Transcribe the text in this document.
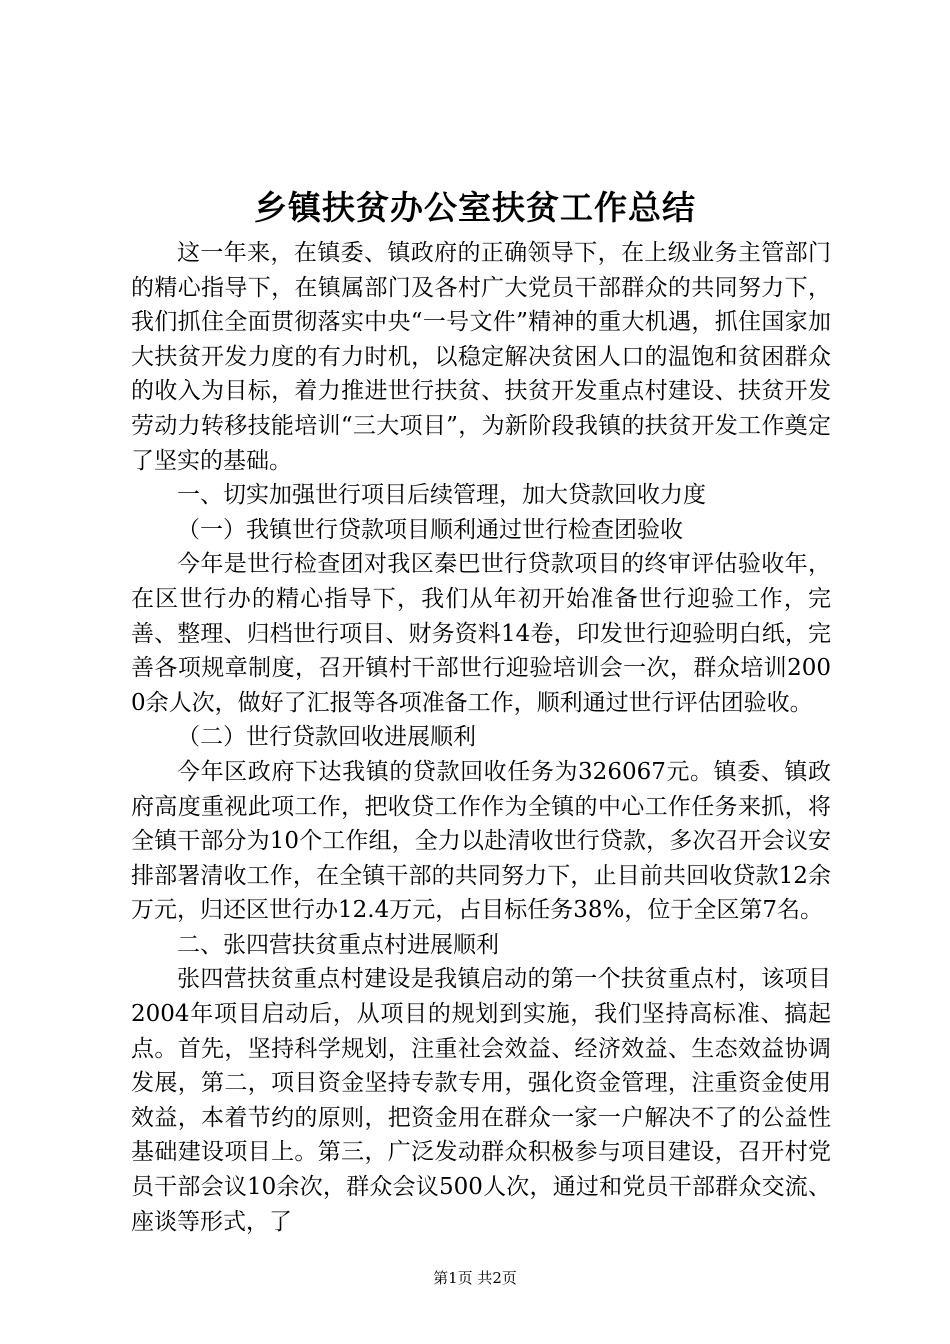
乡镇扶贫办公室扶贫工作总结

这一年来，在镇委、镇政府的正确领导下，在上级业务主管部门的精心指导下，在镇属部门及各村广大党员干部群众的共同努力下，我们抓住全面贯彻落实中央“一号文件”精神的重大机遇，抓住国家加大扶贫开发力度的有力时机，以稳定解决贫困人口的温饱和贫困群众的收入为目标，着力推进世行扶贫、扶贫开发重点村建设、扶贫开发劳动力转移技能培训“三大项目”，为新阶段我镇的扶贫开发工作奠定了坚实的基础。

一、切实加强世行项目后续管理，加大贷款回收力度

（一）我镇世行贷款项目顺利通过世行检查团验收

今年是世行检查团对我区秦巴世行贷款项目的终审评估验收年，在区世行办的精心指导下，我们从年初开始准备世行迎验工作，完善、整理、归档世行项目、财务资料14卷，印发世行迎验明白纸，完善各项规章制度，召开镇村干部世行迎验培训会一次，群众培训2000余人次，做好了汇报等各项准备工作，顺利通过世行评估团验收。

（二）世行贷款回收进展顺利

今年区政府下达我镇的贷款回收任务为326067元。镇委、镇政府高度重视此项工作，把收贷工作作为全镇的中心工作任务来抓，将全镇干部分为10个工作组，全力以赴清收世行贷款，多次召开会议安排部署清收工作，在全镇干部的共同努力下，止目前共回收贷款12余万元，归还区世行办12.4万元，占目标任务38%，位于全区第7名。

二、张四营扶贫重点村进展顺利

张四营扶贫重点村建设是我镇启动的第一个扶贫重点村，该项目2004年项目启动后，从项目的规划到实施，我们坚持高标准、搞起点。首先，坚持科学规划，注重社会效益、经济效益、生态效益协调发展，第二，项目资金坚持专款专用，强化资金管理，注重资金使用效益，本着节约的原则，把资金用在群众一家一户解决不了的公益性基础建设项目上。第三，广泛发动群众积极参与项目建设，召开村党员干部会议10余次，群众会议500人次，通过和党员干部群众交流、座谈等形式，了

第1页 共2页
